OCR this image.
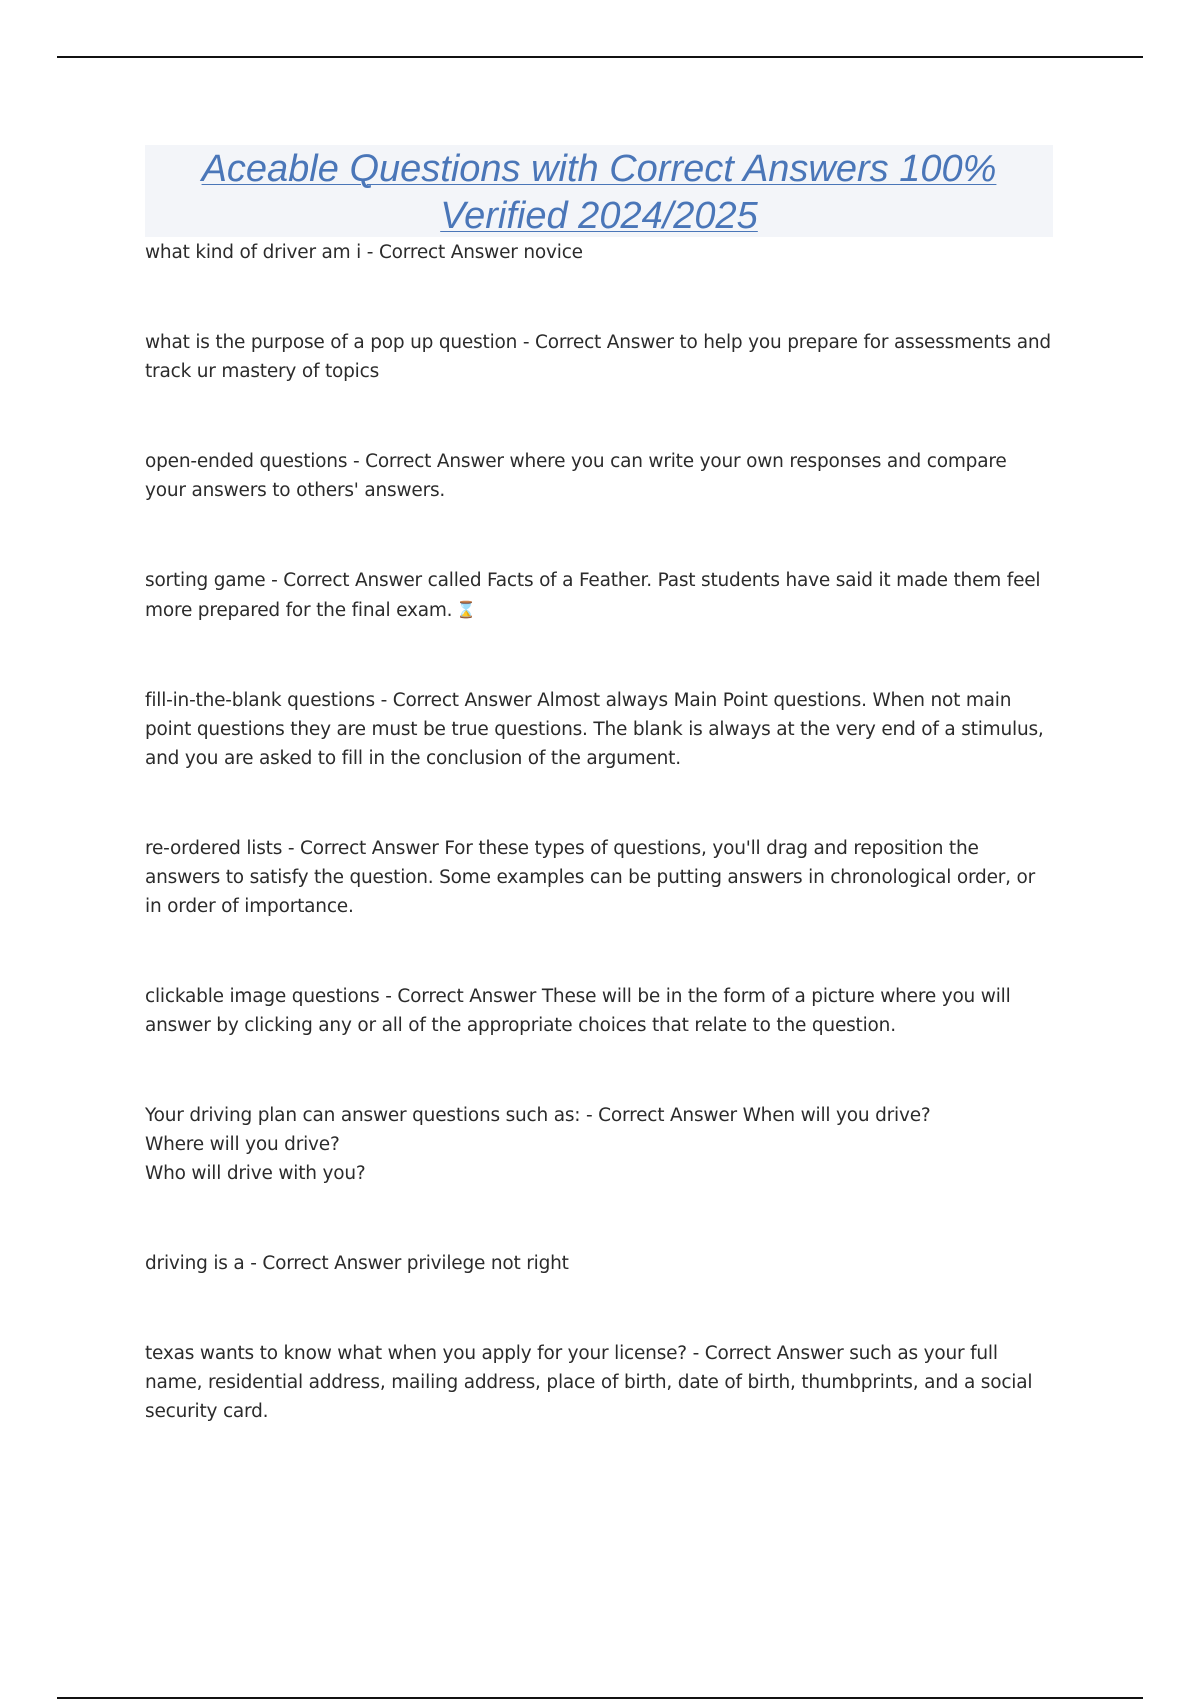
Aceable Questions with Correct Answers 100%

Verified 2024/2025

what kind of driver am i - Correct Answer novice

what is the purpose of a pop up question - Correct Answer to help you prepare for assessments and track ur mastery of topics

open-ended questions - Correct Answer where you can write your own responses and compare your answers to others' answers.

sorting game - Correct Answer called Facts of a Feather. Past students have said it made them feel more prepared for the final exam. ⌛

fill-in-the-blank questions - Correct Answer Almost always Main Point questions. When not main point questions they are must be true questions. The blank is always at the very end of a stimulus, and you are asked to fill in the conclusion of the argument.

re-ordered lists - Correct Answer For these types of questions, you'll drag and reposition the answers to satisfy the question. Some examples can be putting answers in chronological order, or in order of importance.

clickable image questions - Correct Answer These will be in the form of a picture where you will answer by clicking any or all of the appropriate choices that relate to the question.

Your driving plan can answer questions such as: - Correct Answer When will you drive?

Where will you drive?

Who will drive with you?

driving is a - Correct Answer privilege not right

texas wants to know what when you apply for your license? - Correct Answer such as your full name, residential address, mailing address, place of birth, date of birth, thumbprints, and a social security card.
